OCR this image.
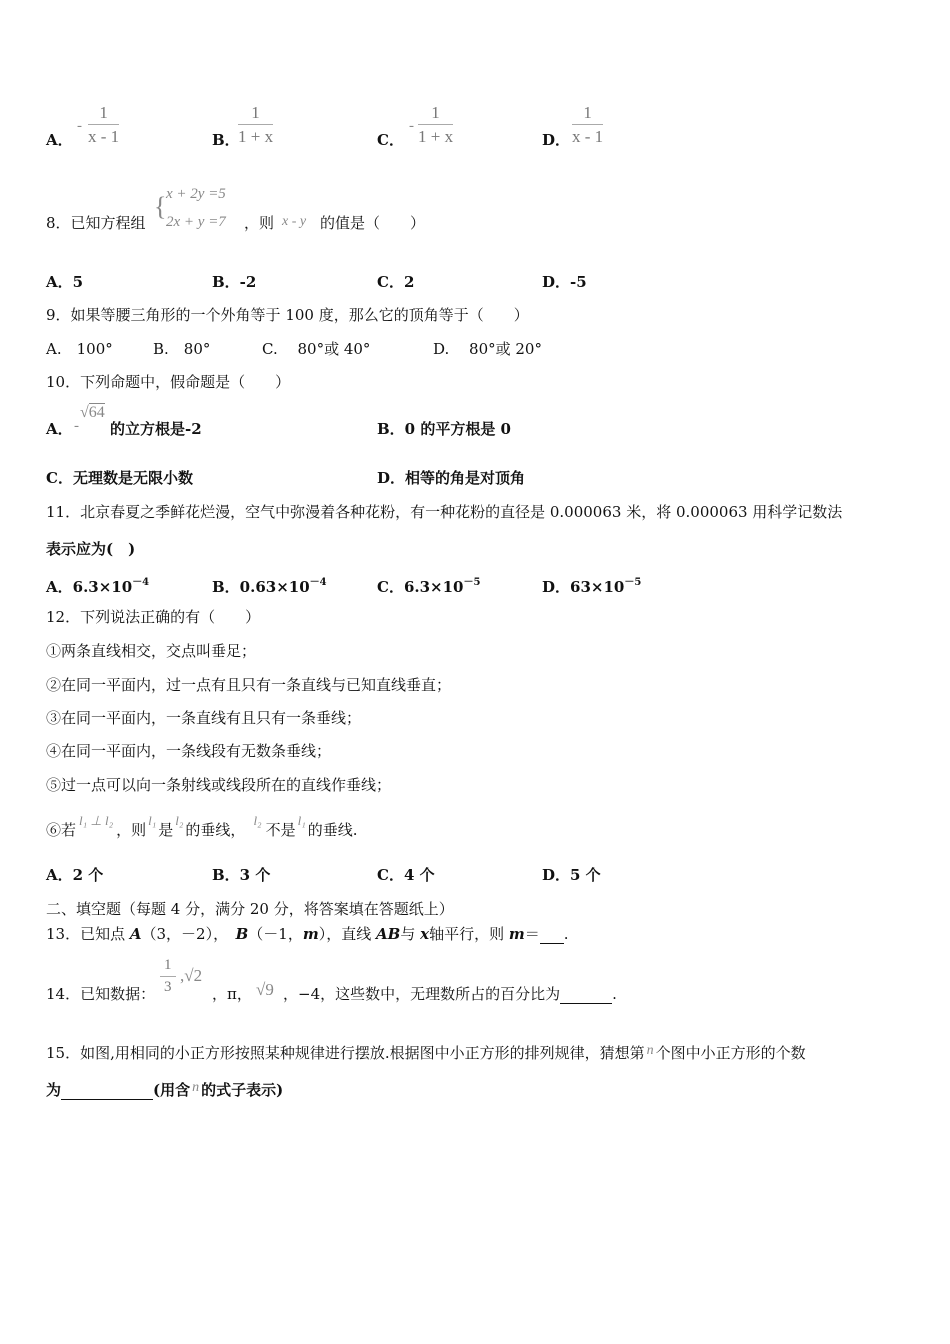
A．
- $\frac{1}{x - 1}$	B．
$\frac{1}{1 + x}$	C．
- $\frac{1}{1 + x}$	D． $\frac{1}{x - 1}$
8．已知方程组
{ x + 2y =5
2x + y =7 ，则 x - y 的值是（　　）
A．5	B．-2	C．2	D．-5
9．如果等腰三角形的一个外角等于 100 度，那么它的顶角等于（　　）
A.　100°	B.　80°	C.　 80°或 40°	D.　 80°或 20°
10．下列命题中，假命题是（　　）
A． -
√64
的立方根是-2	B．0 的平方根是 0
C．无理数是无限小数	D．相等的角是对顶角
11．北京春夏之季鲜花烂漫，空气中弥漫着各种花粉，有一种花粉的直径是 0.000063 米，将 0.000063 用科学记数法
表示应为(　)
A．$6.3\times 10^{-4}$	B．$0.63\times 10^{-4}$	C．$6.3\times 10^{-5}$	D．$63\times 10^{-5}$
12．下列说法正确的有（　　）
①两条直线相交，交点叫垂足；
②在同一平面内，过一点有且只有一条直线与已知直线垂直；
③在同一平面内，一条直线有且只有一条垂线；
④在同一平面内，一条线段有无数条垂线；
⑤过一点可以向一条射线或线段所在的直线作垂线；
⑥若l₁ ⊥ l₂，则l₁是l₂的垂线，l₂不是l₁的垂线.
A．2 个	B．3 个	C．4 个	D．5 个
二、填空题（每题 4 分，满分 20 分，将答案填在答题纸上）
13．已知点 A（3，－2），　 B（－1，m），直线 AB与 x轴平行，则 m＝ .
14．已知数据： $\frac{1}{3} ,√2$
，π， √9 ，−4，这些数中，无理数所占的百分比为	.
15．如图,用相同的小正方形按照某种规律进行摆放.根据图中小正方形的排列规律，猜想第 n 个图中小正方形的个数
为	(用含 n 的式子表示)
